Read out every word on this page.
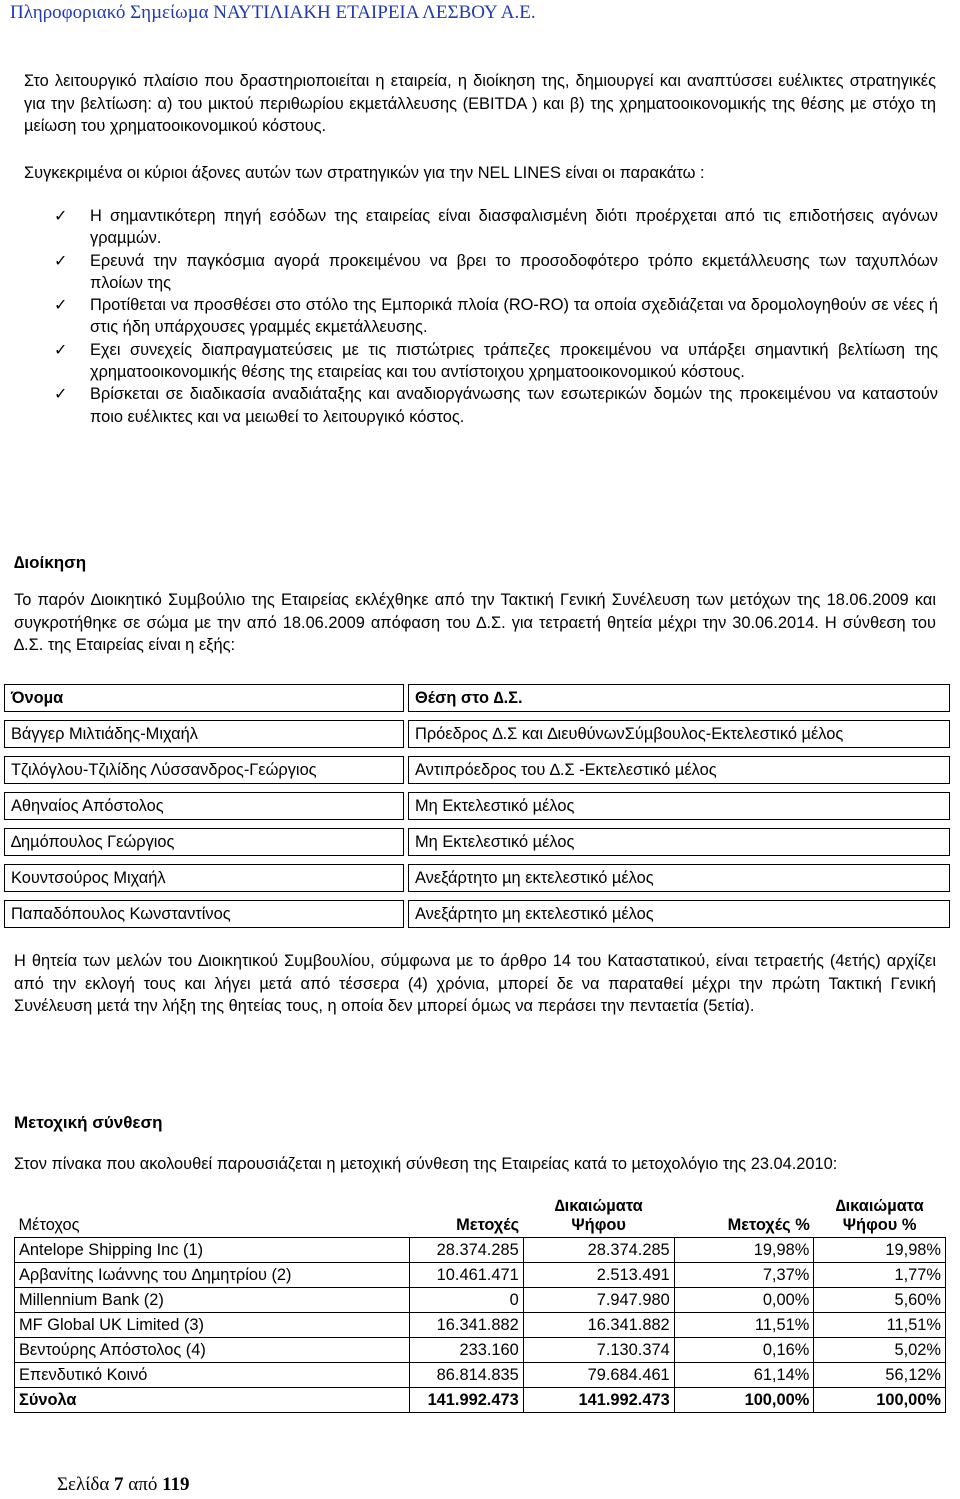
Πληροφοριακό Σηµείωµα ΝΑΥΤΙΛΙΑΚΗ ΕΤΑΙΡΕΙΑ ΛΕΣΒΟΥ Α.Ε.

Στο λειτουργικό πλαίσιο που δραστηριοποιείται η εταιρεία, η διοίκηση της, δηµιουργεί και αναπτύσσει ευέλικτες στρατηγικές για την βελτίωση: α) του µικτού περιθωρίου εκµετάλλευσης (EBITDA ) και β) της χρηµατοοικονοµικής της θέσης µε στόχο τη µείωση του χρηµατοοικονοµικού κόστους.

Συγκεκριµένα οι κύριοι άξονες αυτών των στρατηγικών για την NEL LINES είναι οι παρακάτω :

✓ Η σηµαντικότερη πηγή εσόδων της εταιρείας είναι διασφαλισµένη διότι προέρχεται από τις επιδοτήσεις αγόνων γραµµών.
✓ Ερευνά την παγκόσµια αγορά προκειµένου να βρει το προσοδοφότερο τρόπο εκµετάλλευσης των ταχυπλόων πλοίων της
✓ Προτίθεται να προσθέσει στο στόλο της Εµπορικά πλοία (RO-RO) τα οποία σχεδιάζεται να δροµολογηθούν σε νέες ή στις ήδη υπάρχουσες γραµµές εκµετάλλευσης.
✓ Εχει συνεχείς διαπραγµατεύσεις µε τις πιστώτριες τράπεζες προκειµένου να υπάρξει σηµαντική βελτίωση της χρηµατοοικονοµικής θέσης της εταιρείας και του αντίστοιχου χρηµατοοικονοµικού κόστους.
✓ Βρίσκεται σε διαδικασία αναδιάταξης και αναδιοργάνωσης των εσωτερικών δοµών της προκειµένου να καταστούν ποιο ευέλικτες και να µειωθεί το λειτουργικό κόστος.
∆ιοίκηση

Το παρόν ∆ιοικητικό Συµβούλιο της Εταιρείας εκλέχθηκε από την Τακτική Γενική Συνέλευση των µετόχων της 18.06.2009 και συγκροτήθηκε σε σώµα µε την από 18.06.2009 απόφαση του ∆.Σ. για τετραετή θητεία µέχρι την 30.06.2014. Η σύνθεση του ∆.Σ. της Εταιρείας είναι η εξής:

Όνοµα		Θέση στο ∆.Σ.
Βάγγερ Μιλτιάδης-Μιχαήλ		Πρόεδρος ∆.Σ και ∆ιευθύνωνΣύµβουλος-Εκτελεστικό µέλος
Τζιλόγλου-Τζιλίδης Λύσσανδρος-Γεώργιος		Αντιπρόεδρος του ∆.Σ -Εκτελεστικό µέλος
Αθηναίος Απόστολος		Μη Εκτελεστικό µέλος
∆ηµόπουλος Γεώργιος		Μη Εκτελεστικό µέλος
Κουντσούρος Μιχαήλ		Ανεξάρτητο µη εκτελεστικό µέλος
Παπαδόπουλος Κωνσταντίνος		Ανεξάρτητο µη εκτελεστικό µέλος

Η θητεία των µελών του ∆ιοικητικού Συµβουλίου, σύµφωνα µε το άρθρο 14 του Καταστατικού, είναι τετραετής (4ετής) αρχίζει από την εκλογή τους και λήγει µετά από τέσσερα (4) χρόνια, µπορεί δε να παραταθεί µέχρι την πρώτη Τακτική Γενική Συνέλευση µετά την λήξη της θητείας τους, η οποία δεν µπορεί όµως να περάσει την πενταετία (5ετία).

Μετοχική σύνθεση

Στον πίνακα που ακολουθεί παρουσιάζεται η µετοχική σύνθεση της Εταιρείας κατά το µετοχολόγιο της 23.04.2010:

Μέτοχος	Μετοχές	∆ικαιώµατα Ψήφου	Μετοχές %	∆ικαιώµατα Ψήφου %
Antelope Shipping Inc (1)	28.374.285	28.374.285	19,98%	19,98%
Αρβανίτης Ιωάννης του ∆ηµητρίου (2)	10.461.471	2.513.491	7,37%	1,77%
Millennium Bank (2)	0	7.947.980	0,00%	5,60%
MF Global UK Limited (3)	16.341.882	16.341.882	11,51%	11,51%
Βεντούρης Απόστολος (4)	233.160	7.130.374	0,16%	5,02%
Επενδυτικό Κοινό	86.814.835	79.684.461	61,14%	56,12%
Σύνολα	141.992.473	141.992.473	100,00%	100,00%
Σελίδα 7 από 119
